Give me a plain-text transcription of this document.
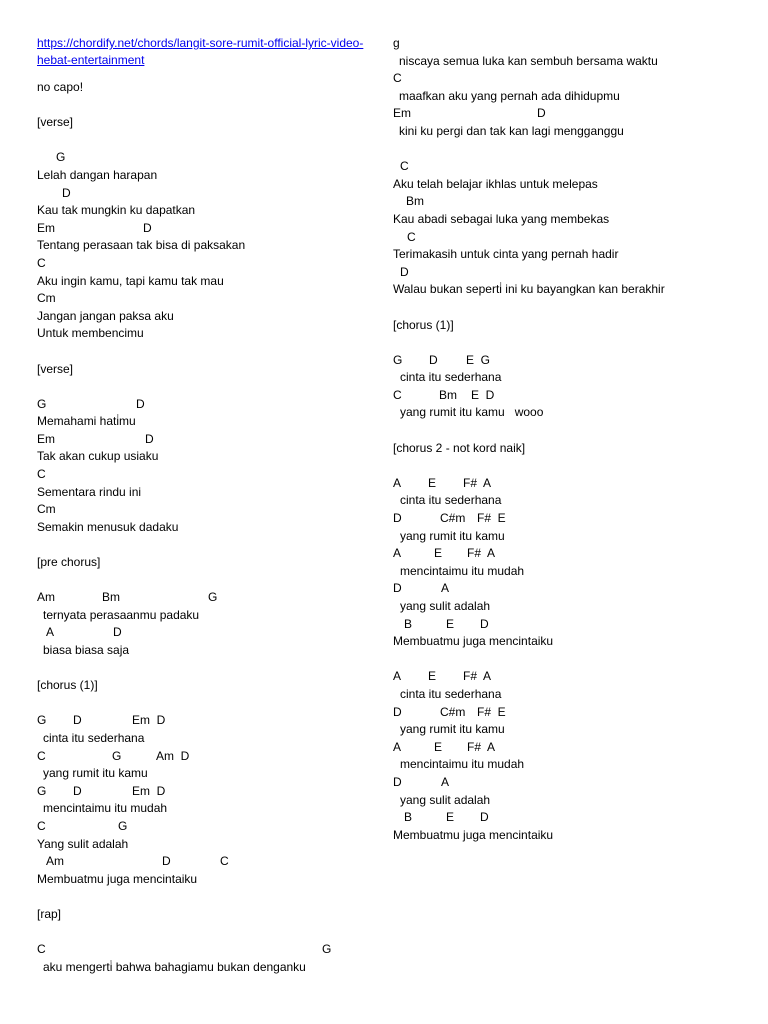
https://chordify.net/chords/langit-sore-rumit-official-lyric-video-hebat-entertainment
no capo!
[verse]
G
Lelah dangan harapan
D
Kau tak mungkin ku dapatkan
Em	D
Tentang perasaan tak bisa di paksakan
C
Aku ingin kamu, tapi kamu tak mau
Cm
Jangan jangan paksa aku
Untuk membencimu
[verse]
G	D
Memahami hati̇mu
Em	D
Tak akan cukup usiaku
C
Sementara rindu ini
Cm
Semakin menusuk dadaku
[pre chorus]
Am	Bm	G
ternyata perasaanmu padaku
A	D
biasa biasa saja
[chorus (1)]
G D	Em  D
cinta itu sederhana
C	G	Am  D
yang rumit itu kamu
G D	Em  D
mencintaimu itu mudah
C	G
Yang sulit adalah
Am	D	C
Membuatmu juga mencintaiku
[rap]
C	G
aku mengerti̇ bahwa bahagiamu bukan denganku
g
niscaya semua luka kan sembuh bersama waktu
C
maafkan aku yang pernah ada dihidupmu
Em	D
kini ku pergi dan tak kan lagi mengganggu
C
Aku telah belajar ikhlas untuk melepas
Bm
Kau abadi sebagai luka yang membekas
C
Terimakasih untuk cinta yang pernah hadir
D
Walau bukan seperti̇ ini ku bayangkan kan berakhir
[chorus (1)]
G D E  G
cinta itu sederhana
C	Bm E  D
yang rumit itu kamu   wooo
[chorus 2 - not kord naik]
A E F#  A
cinta itu sederhana
D	C#m F#  E
yang rumit itu kamu
A	E F#  A
mencintaimu itu mudah
D	A
yang sulit adalah
B	E D
Membuatmu juga mencintaiku
A E F#  A
cinta itu sederhana
D	C#m F#  E
yang rumit itu kamu
A	E F#  A
mencintaimu itu mudah
D	A
yang sulit adalah
B	E D
Membuatmu juga mencintaiku
